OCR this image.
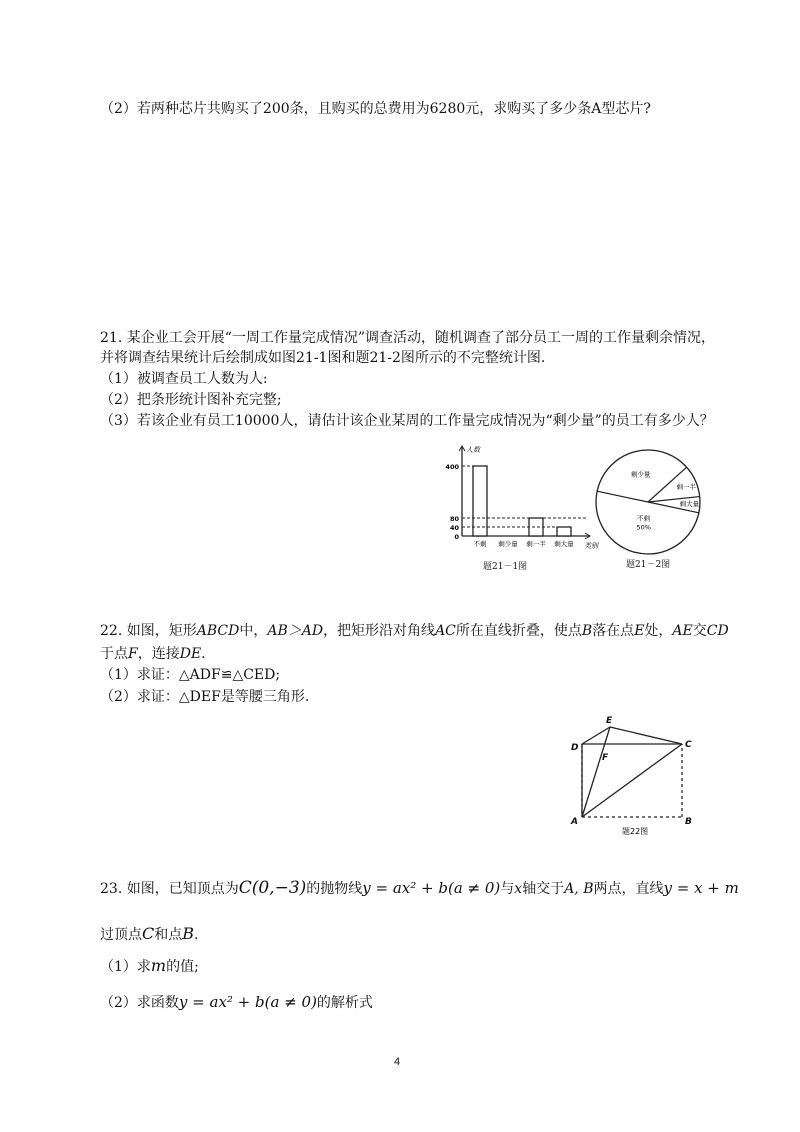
（2）若两种芯片共购买了200条，且购买的总费用为6280元，求购买了多少条A型芯片?
21. 某企业工会开展“一周工作量完成情况”调查活动，随机调查了部分员工一周的工作量剩余情况，
并将调查结果统计后绘制成如图21-1图和题21-2图所示的不完整统计图.
（1）被调查员工人数为人:
（2）把条形统计图补充完整;
（3）若该企业有员工10000人，请估计该企业某周的工作量完成情况为“剩少量”的员工有多少人？
人数
类别
0
40
80
400
不剩 剩少量 剩一半 剩大量
题21－1图
剩少量
剩一半
剩大量
不剩
50%
题21－2图
22. 如图，矩形ABCD中，AB＞AD，把矩形沿对角线AC所在直线折叠，使点B落在点E处，AE交CD
于点F，连接DE.
（1）求证：△ADF≌△CED;
（2）求证：△DEF是等腰三角形.
A	B
C
D
E
F
题22图
23. 如图，已知顶点为C(0,−3)的抛物线y = ax² + b(a ≠ 0)与x轴交于A, B两点，直线y = x + m
过顶点C和点B.
（1）求m的值;
（2）求函数y = ax² + b(a ≠ 0)的解析式
4
